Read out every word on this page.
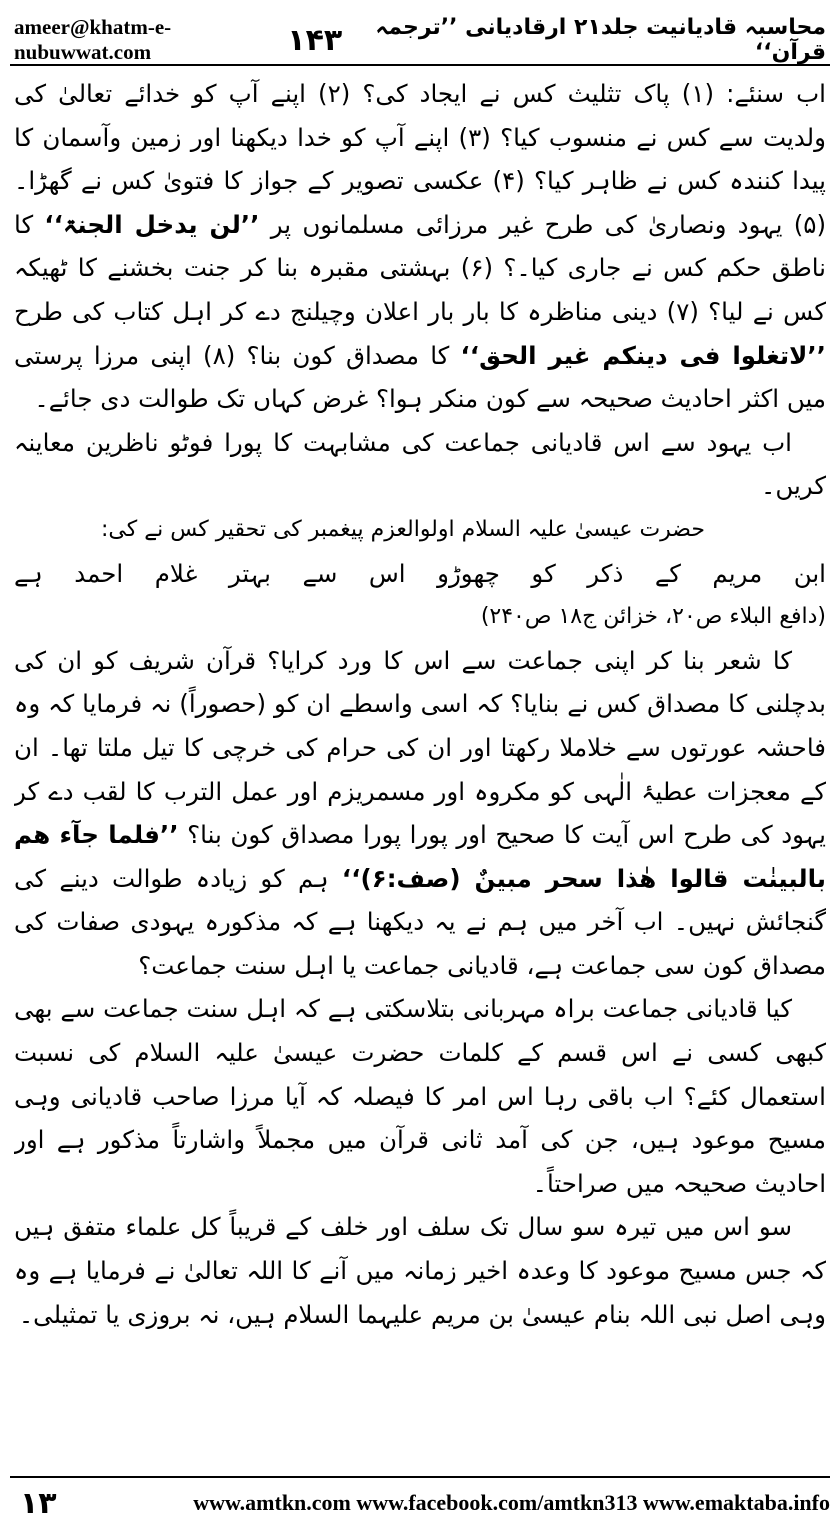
ameer@khatm-e-nubuwwat.com	۱۴۳	محاسبہ قادیانیت جلد۲۱ ارقادیانی ’’ترجمہ قرآن‘‘

اب سنئے: (۱) پاک تثلیث کس نے ایجاد کی؟ (۲) اپنے آپ کو خدائے تعالیٰ کی ولدیت سے کس نے منسوب کیا؟ (۳) اپنے آپ کو خدا دیکھنا اور زمین وآسمان کا پیدا کنندہ کس نے ظاہر کیا؟ (۴) عکسی تصویر کے جواز کا فتویٰ کس نے گھڑا۔ (۵) یہود ونصاریٰ کی طرح غیر مرزائی مسلمانوں پر ’’لن یدخل الجنۃ‘‘ کا ناطق حکم کس نے جاری کیا۔؟ (۶) بہشتی مقبرہ بنا کر جنت بخشنے کا ٹھیکہ کس نے لیا؟ (۷) دینی مناظرہ کا بار بار اعلان وچیلنج دے کر اہل کتاب کی طرح ’’لاتغلوا فی دینکم غیر الحق‘‘ کا مصداق کون بنا؟ (۸) اپنی مرزا پرستی میں اکثر احادیث صحیحہ سے کون منکر ہوا؟ غرض کہاں تک طوالت دی جائے۔

اب یہود سے اس قادیانی جماعت کی مشابہت کا پورا فوٹو ناظرین معاینہ کریں۔

حضرت عیسیٰ علیہ السلام اولوالعزم پیغمبر کی تحقیر کس نے کی:

ابن مریم کے ذکر کو چھوڑو اس سے بہتر غلام احمد ہے

(دافع البلاء ص۲۰، خزائن ج۱۸ ص۲۴۰)

کا شعر بنا کر اپنی جماعت سے اس کا ورد کرایا؟ قرآن شریف کو ان کی بدچلنی کا مصداق کس نے بنایا؟ کہ اسی واسطے ان کو (حصوراً) نہ فرمایا کہ وہ فاحشہ عورتوں سے خلاملا رکھتا اور ان کی حرام کی خرچی کا تیل ملتا تھا۔ ان کے معجزات عطیۂ الٰہی کو مکروہ اور مسمریزم اور عمل الترب کا لقب دے کر یہود کی طرح اس آیت کا صحیح اور پورا پورا مصداق کون بنا؟ ’’فلما جآء ھم بالبینٰت قالوا ھٰذا سحر مبینٌ (صف:۶)‘‘ ہم کو زیادہ طوالت دینے کی گنجائش نہیں۔ اب آخر میں ہم نے یہ دیکھنا ہے کہ مذکورہ یہودی صفات کی مصداق کون سی جماعت ہے، قادیانی جماعت یا اہل سنت جماعت؟

کیا قادیانی جماعت براہ مہربانی بتلاسکتی ہے کہ اہل سنت جماعت سے بھی کبھی کسی نے اس قسم کے کلمات حضرت عیسیٰ علیہ السلام کی نسبت استعمال کئے؟ اب باقی رہا اس امر کا فیصلہ کہ آیا مرزا صاحب قادیانی وہی مسیح موعود ہیں، جن کی آمد ثانی قرآن میں مجملاً واشارتاً مذکور ہے اور احادیث صحیحہ میں صراحتاً۔

سو اس میں تیرہ سو سال تک سلف اور خلف کے قریباً کل علماء متفق ہیں کہ جس مسیح موعود کا وعدہ اخیر زمانہ میں آنے کا اللہ تعالیٰ نے فرمایا ہے وہ وہی اصل نبی اللہ بنام عیسیٰ بن مریم علیہما السلام ہیں، نہ بروزی یا تمثیلی۔

۱۳	www.amtkn.com www.facebook.com/amtkn313 www.emaktaba.info
